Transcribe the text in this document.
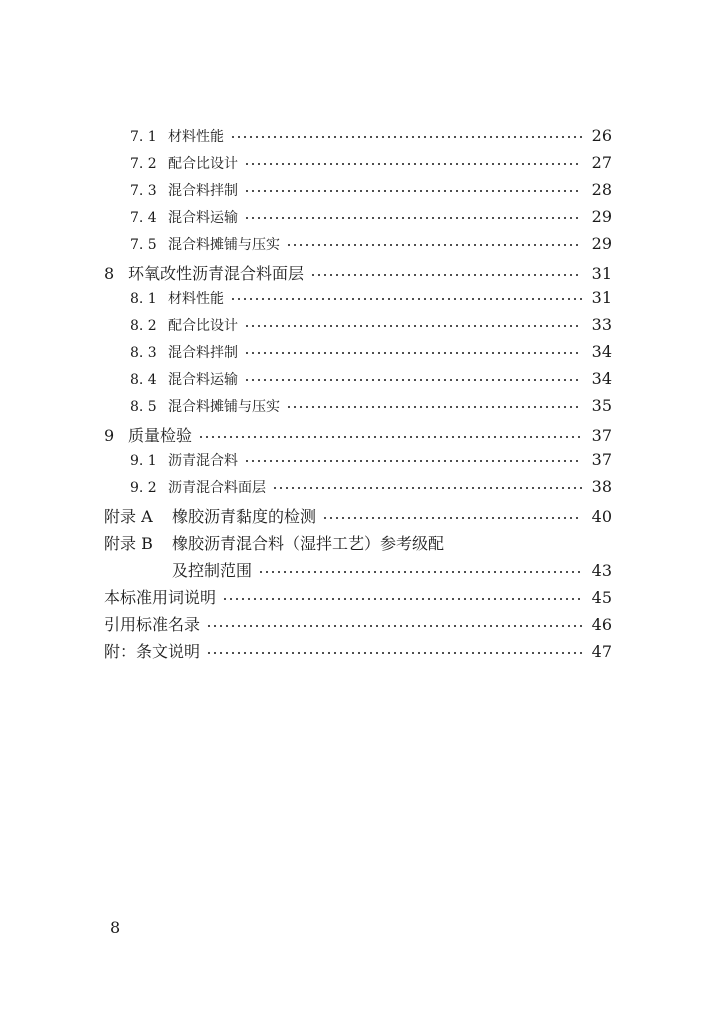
7. 1 材料性能	26
7. 2 配合比设计	27
7. 3 混合料拌制	28
7. 4 混合料运输	29
7. 5 混合料摊铺与压实	29
8 环氧改性沥青混合料面层	31
8. 1 材料性能	31
8. 2 配合比设计	33
8. 3 混合料拌制	34
8. 4 混合料运输	34
8. 5 混合料摊铺与压实	35
9 质量检验	37
9. 1 沥青混合料	37
9. 2 沥青混合料面层	38
附录 A	橡胶沥青黏度的检测	40
附录 B	橡胶沥青混合料（湿拌工艺）参考级配
及控制范围	43
本标准用词说明	45
引用标准名录	46
附：条文说明	47
8
